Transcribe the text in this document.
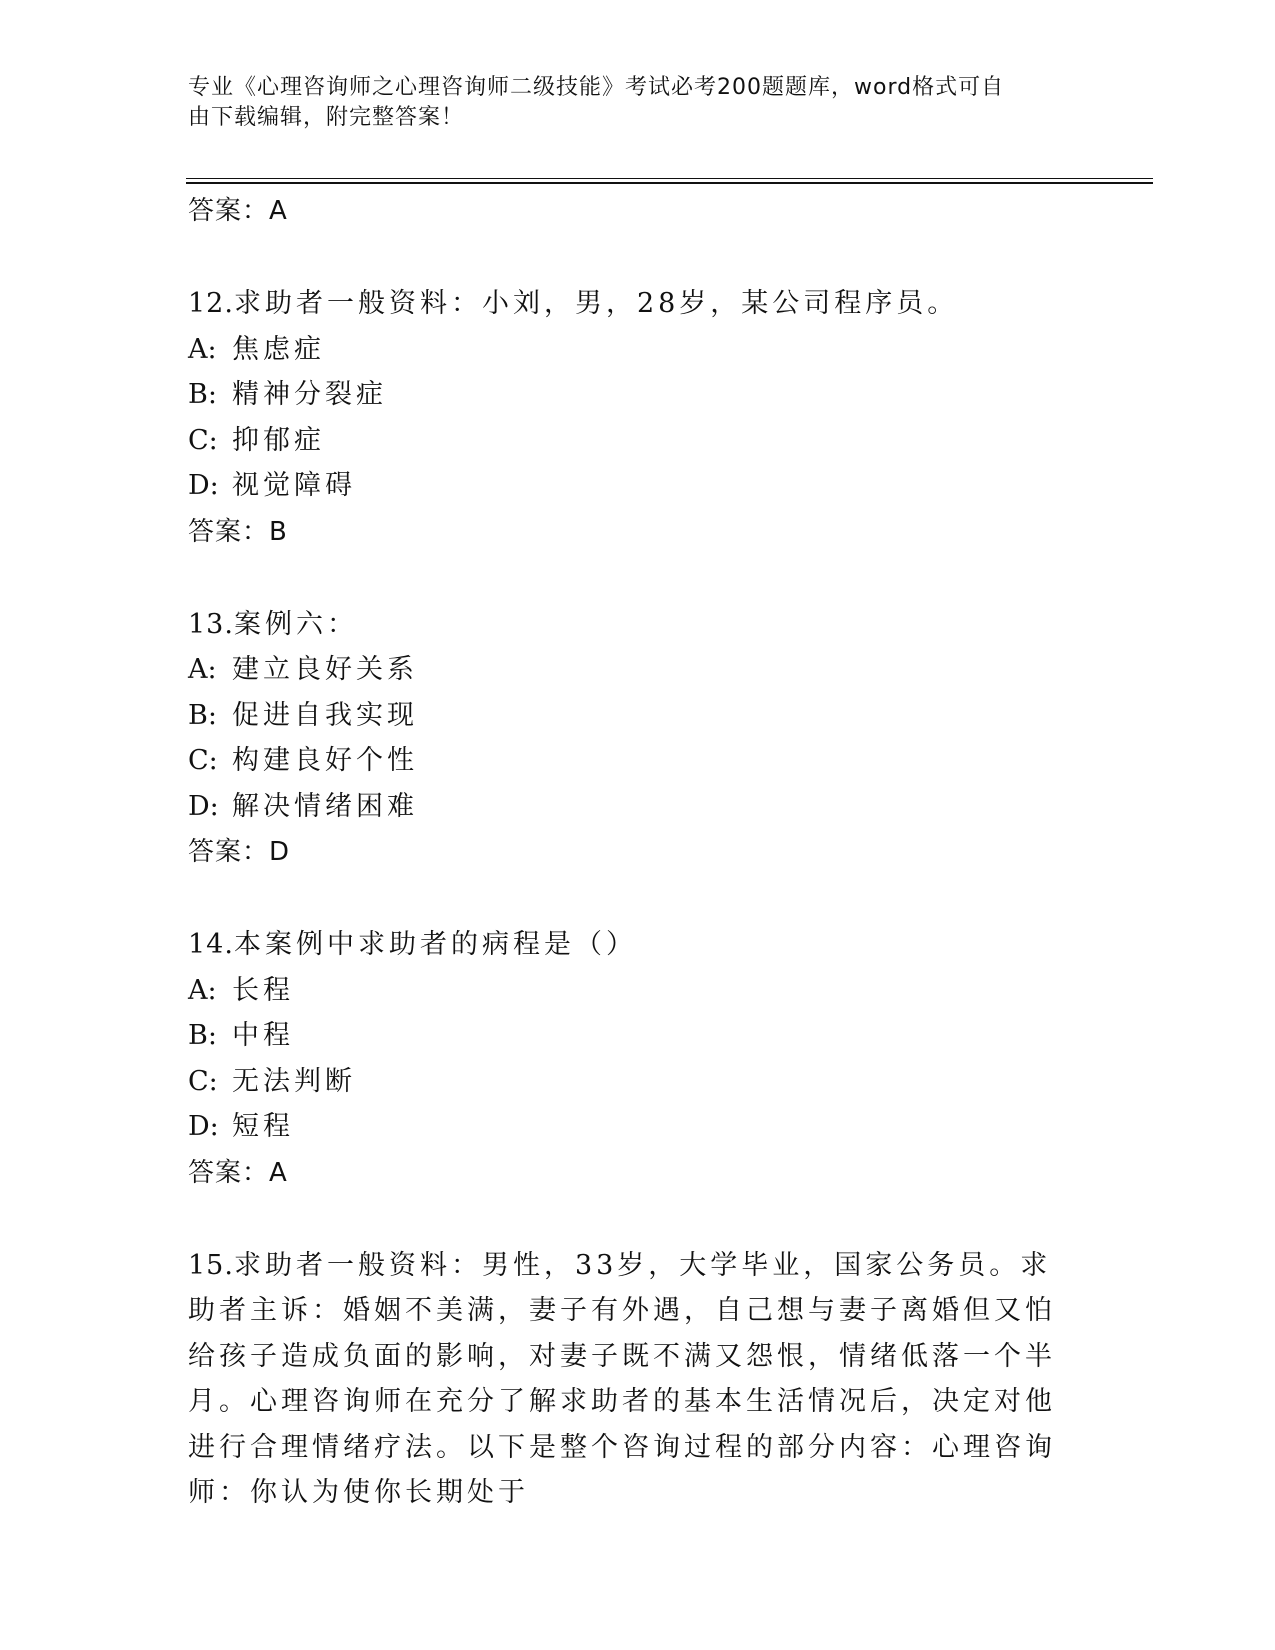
专业《心理咨询师之心理咨询师二级技能》考试必考200题题库，word格式可自
由下载编辑，附完整答案！
答案：A
12.求助者一般资料：小刘，男，28岁，某公司程序员。
A: 焦虑症
B: 精神分裂症
C: 抑郁症
D: 视觉障碍
答案：B
13.案例六：
A: 建立良好关系
B: 促进自我实现
C: 构建良好个性
D: 解决情绪困难
答案：D
14.本案例中求助者的病程是（）
A: 长程
B: 中程
C: 无法判断
D: 短程
答案：A
15.求助者一般资料：男性，33岁，大学毕业，国家公务员。求助者主诉：婚姻不美满，妻子有外遇，自己想与妻子离婚但又怕给孩子造成负面的影响，对妻子既不满又怨恨，情绪低落一个半月。心理咨询师在充分了解求助者的基本生活情况后，决定对他进行合理情绪疗法。以下是整个咨询过程的部分内容：心理咨询师：你认为使你长期处于
